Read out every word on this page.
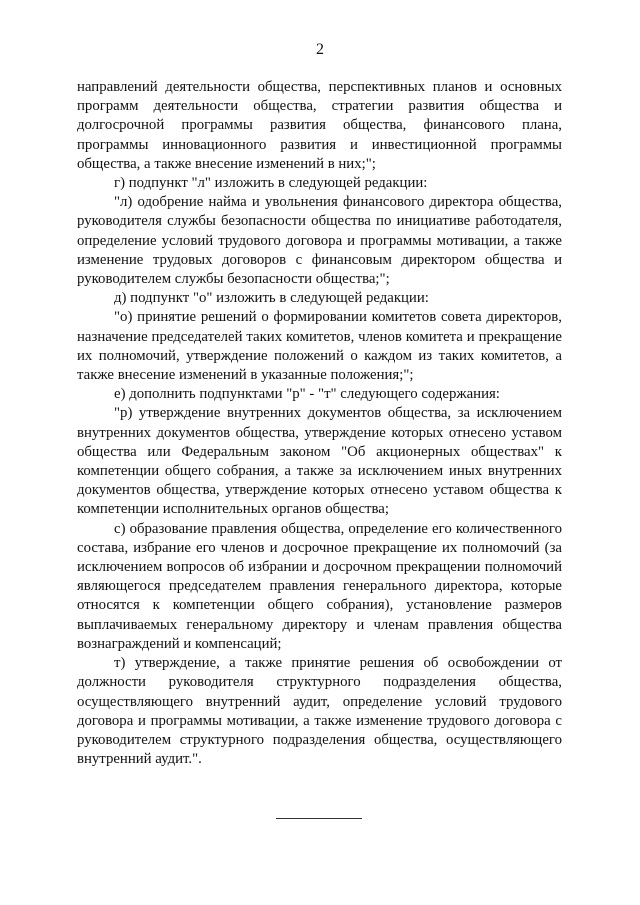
2

направлений деятельности общества, перспективных планов и основных программ деятельности общества, стратегии развития общества и долгосрочной программы развития общества, финансового плана, программы инновационного развития и инвестиционной программы общества, а также внесение изменений в них;";

г) подпункт "л" изложить в следующей редакции:

"л) одобрение найма и увольнения финансового директора общества, руководителя службы безопасности общества по инициативе работодателя, определение условий трудового договора и программы мотивации, а также изменение трудовых договоров с финансовым директором общества и руководителем службы безопасности общества;";

д) подпункт "о" изложить в следующей редакции:

"о) принятие решений о формировании комитетов совета директоров, назначение председателей таких комитетов, членов комитета и прекращение их полномочий, утверждение положений о каждом из таких комитетов, а также внесение изменений в указанные положения;";

е) дополнить подпунктами "р" - "т" следующего содержания:

"р) утверждение внутренних документов общества, за исключением внутренних документов общества, утверждение которых отнесено уставом общества или Федеральным законом "Об акционерных обществах" к компетенции общего собрания, а также за исключением иных внутренних документов общества, утверждение которых отнесено уставом общества к компетенции исполнительных органов общества;

с) образование правления общества, определение его количественного состава, избрание его членов и досрочное прекращение их полномочий (за исключением вопросов об избрании и досрочном прекращении полномочий являющегося председателем правления генерального директора, которые относятся к компетенции общего собрания), установление размеров выплачиваемых генеральному директору и членам правления общества вознаграждений и компенсаций;

т) утверждение, а также принятие решения об освобождении от должности руководителя структурного подразделения общества, осуществляющего внутренний аудит, определение условий трудового договора и программы мотивации, а также изменение трудового договора с руководителем структурного подразделения общества, осуществляющего внутренний аудит.".
